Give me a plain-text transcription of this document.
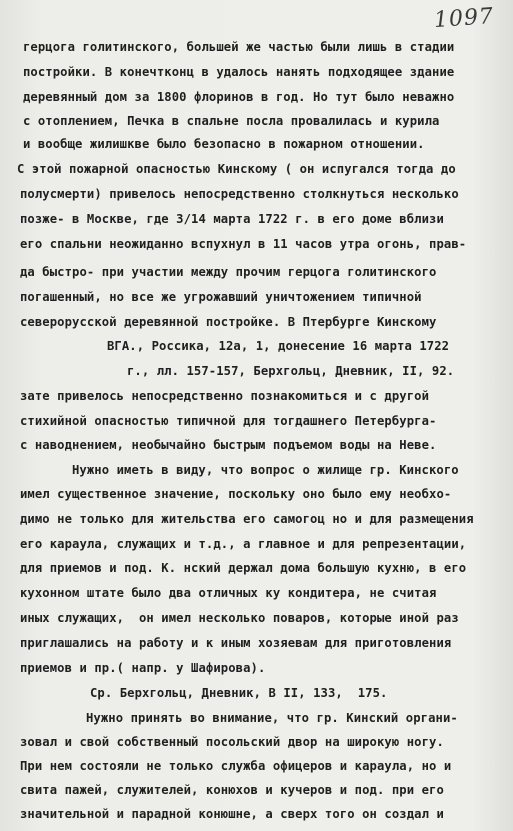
1097
герцога голитинского, большей же частью были лишь в стадии
постройки. В конечтконц в удалось нанять подходящее здание
деревянный дом за 1800 флоринов в год. Но тут было неважно
с отоплением, Печка в спальне посла провалилась и курила
и вообще жилишкве было безопасно в пожарном отношении.
С этой пожарной опасностью Кинскому ( он испугался тогда до
полусмерти) привелось непосредственно столкнуться несколько
позже- в Москве, где 3/14 марта 1722 г. в его доме вблизи
его спальни неожиданно вспухнул в 11 часов утра огонь, прав-
да быстро- при участии между прочим герцога голитинского
погашенный, но все же угрожавший уничтожением типичной
северорусской деревянной постройке. В Птербурге Кинскому
ВГА., Россика, 12а, 1, донесение 16 марта 1722
г., лл. 157-157, Берхгольц, Дневник, II, 92.
зате привелось непосредственно познакомиться и с другой
стихийной опасностью типичной для тогдашнего Петербурга-
с наводнением, необычайно быстрым подъемом воды на Неве.
Нужно иметь в виду, что вопрос о жилище гр. Кинского
имел существенное значение, поскольку оно было ему необхо-
димо не только для жительства его самогоц но и для размещения
его караула, служащих и т.д., а главное и для репрезентации,
для приемов и под. К. нский держал дома большую кухню, в его
кухонном штате было два отличных ку кондитера, не считая
иных служащих,  он имел несколько поваров, которые иной раз
приглашались на работу и к иным хозяевам для приготовления
приемов и пр.( напр. у Шафирова).
Ср. Берхгольц, Дневник, В II, 133,  175.
Нужно принять во внимание, что гр. Кинский органи-
зовал и свой собственный посольский двор на широкую ногу.
При нем состояли не только служба офицеров и караула, но и
свита пажей, служителей, конюхов и кучеров и под. при его
значительной и парадной конюшне, а сверх того он создал и
